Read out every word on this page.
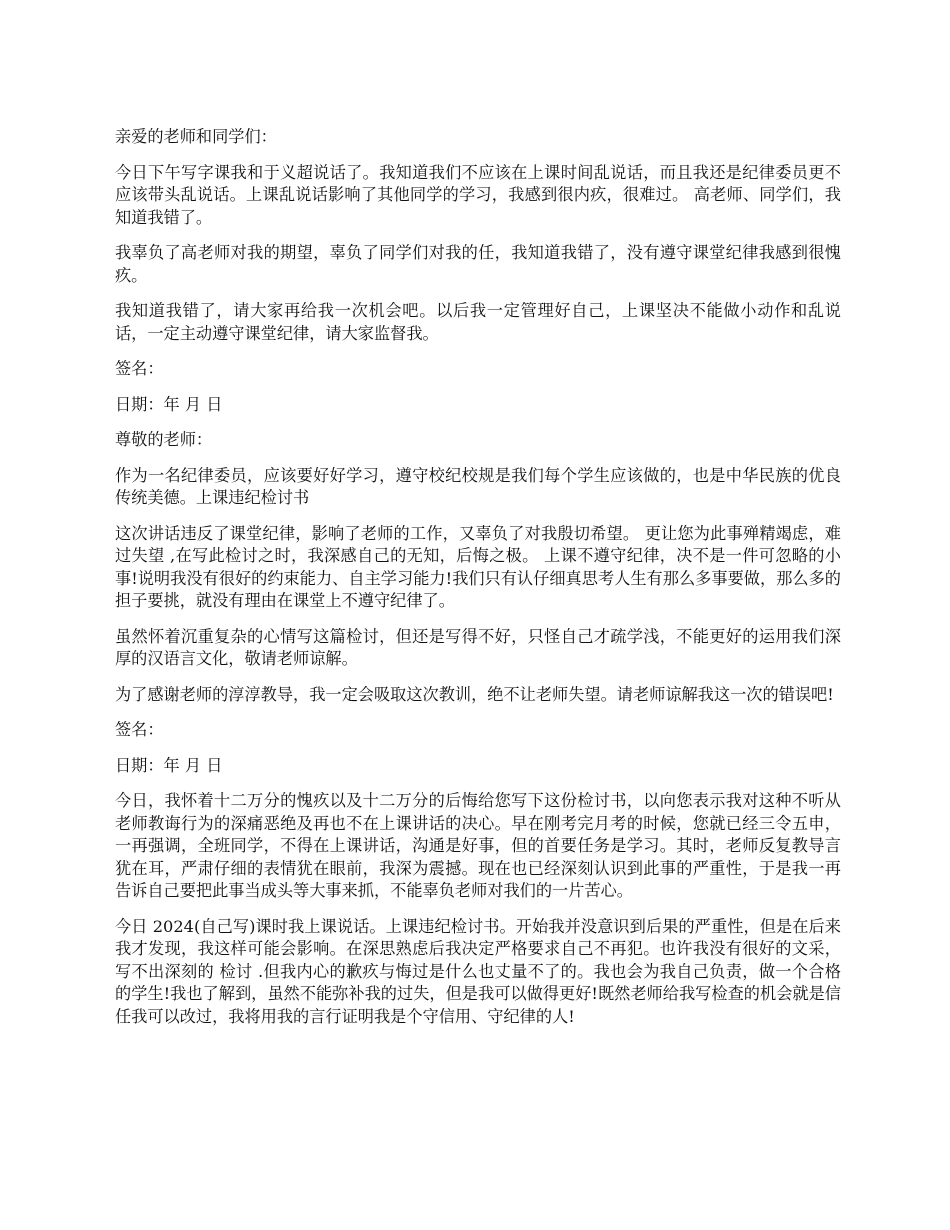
亲爱的老师和同学们：

今日下午写字课我和于义超说话了。我知道我们不应该在上课时间乱说话，而且我还是纪律委员更不应该带头乱说话。上课乱说话影响了其他同学的学习，我感到很内疚，很难过。 高老师、同学们，我知道我错了。

我辜负了高老师对我的期望，辜负了同学们对我的任，我知道我错了，没有遵守课堂纪律我感到很愧疚。

我知道我错了，请大家再给我一次机会吧。以后我一定管理好自己，上课坚决不能做小动作和乱说话，一定主动遵守课堂纪律，请大家监督我。

签名：

日期：年 月 日

尊敬的老师：

作为一名纪律委员，应该要好好学习，遵守校纪校规是我们每个学生应该做的，也是中华民族的优良传统美德。上课违纪检讨书

这次讲话违反了课堂纪律，影响了老师的工作，又辜负了对我殷切希望。 更让您为此事殚精竭虑，难过失望 ,在写此检讨之时，我深感自己的无知，后悔之极。 上课不遵守纪律，决不是一件可忽略的小事!说明我没有很好的约束能力、自主学习能力!我们只有认仔细真思考人生有那么多事要做，那么多的担子要挑，就没有理由在课堂上不遵守纪律了。

虽然怀着沉重复杂的心情写这篇检讨，但还是写得不好，只怪自己才疏学浅，不能更好的运用我们深厚的汉语言文化，敬请老师谅解。

为了感谢老师的淳淳教导，我一定会吸取这次教训，绝不让老师失望。请老师谅解我这一次的错误吧!

签名：

日期：年 月 日

今日，我怀着十二万分的愧疚以及十二万分的后悔给您写下这份检讨书，以向您表示我对这种不听从老师教诲行为的深痛恶绝及再也不在上课讲话的决心。早在刚考完月考的时候，您就已经三令五申，一再强调，全班同学，不得在上课讲话，沟通是好事，但的首要任务是学习。其时，老师反复教导言犹在耳，严肃仔细的表情犹在眼前，我深为震撼。现在也已经深刻认识到此事的严重性，于是我一再告诉自己要把此事当成头等大事来抓，不能辜负老师对我们的一片苦心。

今日 2024(自己写)课时我上课说话。上课违纪检讨书。开始我并没意识到后果的严重性，但是在后来我才发现，我这样可能会影响。在深思熟虑后我决定严格要求自己不再犯。也许我没有很好的文采，写不出深刻的 检讨 .但我内心的歉疚与悔过是什么也丈量不了的。我也会为我自己负责，做一个合格的学生!我也了解到，虽然不能弥补我的过失，但是我可以做得更好!既然老师给我写检查的机会就是信任我可以改过，我将用我的言行证明我是个守信用、守纪律的人!
